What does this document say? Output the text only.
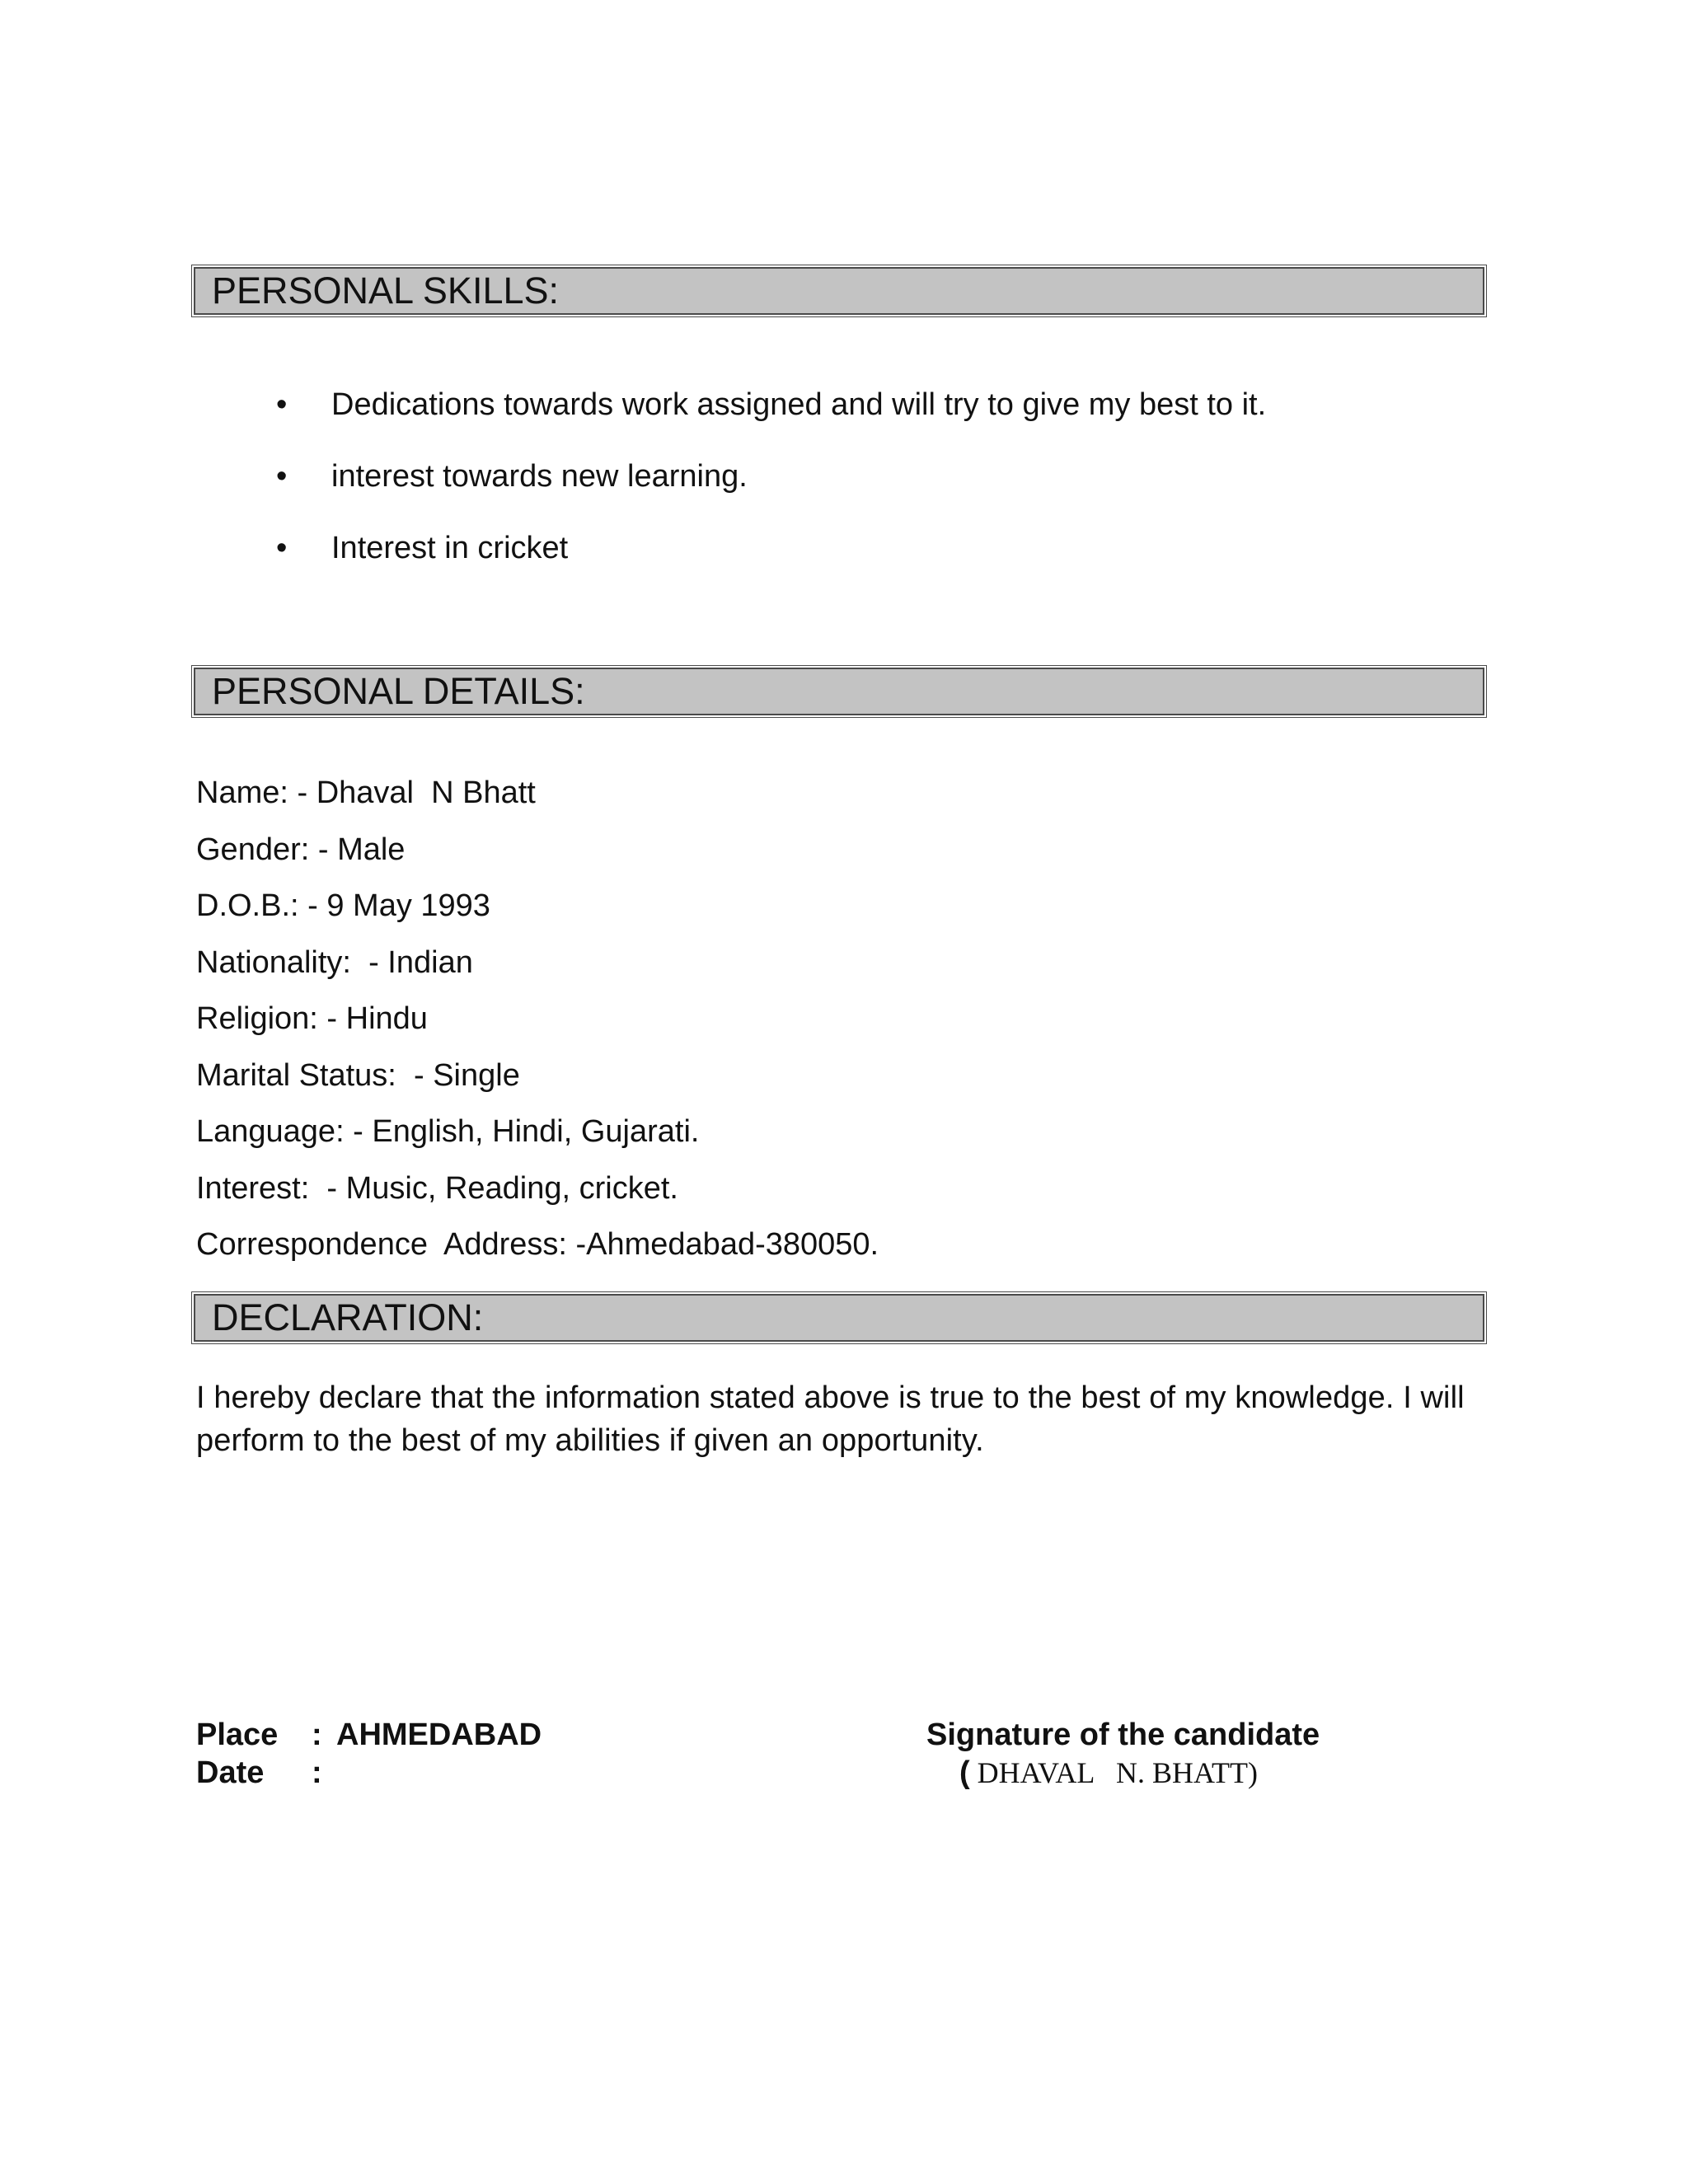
PERSONAL SKILLS:
• Dedications towards work assigned and will try to give my best to it.
• interest towards new learning.
• Interest in cricket
PERSONAL DETAILS:
Name: - Dhaval  N Bhatt
Gender: - Male
D.O.B.: - 9 May 1993
Nationality:  - Indian
Religion: - Hindu
Marital Status:  - Single
Language: - English, Hindi, Gujarati.
Interest:  - Music, Reading, cricket.
Correspondence  Address: -Ahmedabad-380050.
DECLARATION:
I hereby declare that the information stated above is true to the best of my knowledge. I will perform to the best of my abilities if given an opportunity.
Place	: AHMEDABAD
Date	:
Signature of the candidate
( DHAVAL   N. BHATT)
